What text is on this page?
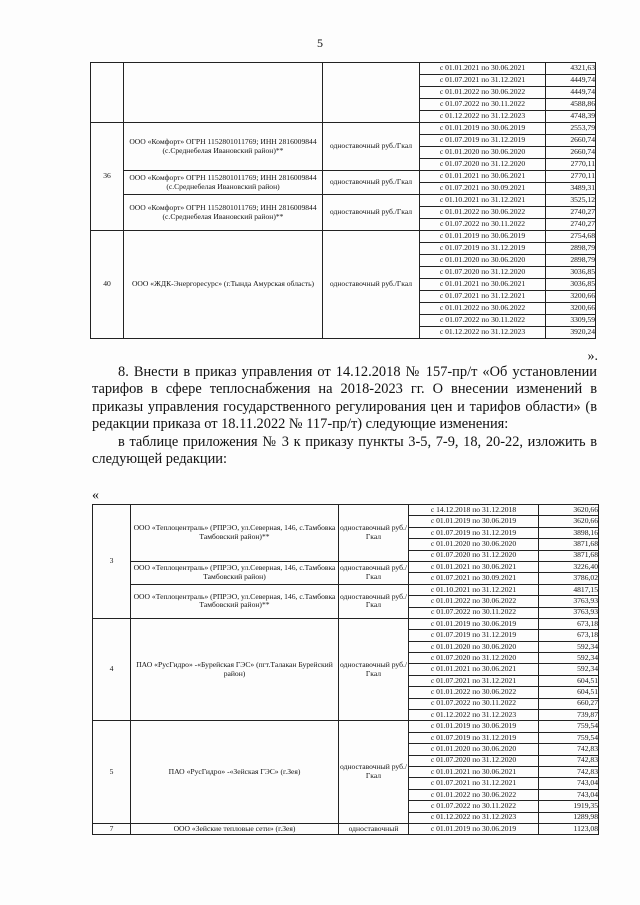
5
			с 01.01.2021 по 30.06.2021	4321,63
			с 01.07.2021 по 31.12.2021	4449,74
			с 01.01.2022 по 30.06.2022	4449,74
			с 01.07.2022 по 30.11.2022	4588,86
			с 01.12.2022 по 31.12.2023	4748,39
36	ООО «Комфорт» ОГРН 1152801011769; ИНН 2816009844 (с.Среднебелая Ивановский район)**	одноставочный руб./Гкал	с 01.01.2019 по 30.06.2019	2553,79
			с 01.07.2019 по 31.12.2019	2660,74
			с 01.01.2020 по 30.06.2020	2660,74
			с 01.07.2020 по 31.12.2020	2770,11
	ООО «Комфорт» ОГРН 1152801011769; ИНН 2816009844 (с.Среднебелая Ивановский район)	одноставочный руб./Гкал	с 01.01.2021 по 30.06.2021	2770,11
			с 01.07.2021 по 30.09.2021	3489,31
	ООО «Комфорт» ОГРН 1152801011769; ИНН 2816009844 (с.Среднебелая Ивановский район)**	одноставочный руб./Гкал	с 01.10.2021 по 31.12.2021	3525,12
			с 01.01.2022 по 30.06.2022	2740,27
			с 01.07.2022 по 30.11.2022	2740,27
40	ООО «ЖДК-Энергоресурс» (г.Тында Амурская область)	одноставочный руб./Гкал	с 01.01.2019 по 30.06.2019	2754,68
			с 01.07.2019 по 31.12.2019	2898,79
			с 01.01.2020 по 30.06.2020	2898,79
			с 01.07.2020 по 31.12.2020	3036,85
			с 01.01.2021 по 30.06.2021	3036,85
			с 01.07.2021 по 31.12.2021	3200,66
			с 01.01.2022 по 30.06.2022	3200,66
			с 01.07.2022 по 30.11.2022	3309,59
			с 01.12.2022 по 31.12.2023	3920,24
».

8. Внести в приказ управления от 14.12.2018 № 157-пр/т «Об установлении тарифов в сфере теплоснабжения на 2018-2023 гг. О внесении изменений в приказы управления государственного регулирования цен и тарифов области» (в редакции приказа от 18.11.2022 № 117-пр/т) следующие изменения:

в таблице приложения № 3 к приказу пункты 3-5, 7-9, 18, 20-22, изложить в следующей редакции:

«
3	ООО «Теплоцентраль» (РПРЭО, ул.Северная, 146, с.Тамбовка Тамбовский район)**	одноставочный руб./Гкал	с 14.12.2018 по 31.12.2018	3620,66
			с 01.01.2019 по 30.06.2019	3620,66
			с 01.07.2019 по 31.12.2019	3898,16
			с 01.01.2020 по 30.06.2020	3871,68
			с 01.07.2020 по 31.12.2020	3871,68
	ООО «Теплоцентраль» (РПРЭО, ул.Северная, 146, с.Тамбовка Тамбовский район)	одноставочный руб./Гкал	с 01.01.2021 по 30.06.2021	3226,40
			с 01.07.2021 по 30.09.2021	3786,02
	ООО «Теплоцентраль» (РПРЭО, ул.Северная, 146, с.Тамбовка Тамбовский район)**	одноставочный руб./Гкал	с 01.10.2021 по 31.12.2021	4817,15
			с 01.01.2022 по 30.06.2022	3763,93
			с 01.07.2022 по 30.11.2022	3763,93
4	ПАО «РусГидро» -«Бурейская ГЭС» (пгт.Талакан Бурейский район)	одноставочный руб./Гкал	с 01.01.2019 по 30.06.2019	673,18
			с 01.07.2019 по 31.12.2019	673,18
			с 01.01.2020 по 30.06.2020	592,34
			с 01.07.2020 по 31.12.2020	592,34
			с 01.01.2021 по 30.06.2021	592,34
			с 01.07.2021 по 31.12.2021	604,51
			с 01.01.2022 по 30.06.2022	604,51
			с 01.07.2022 по 30.11.2022	660,27
			с 01.12.2022 по 31.12.2023	739,87
5	ПАО «РусГидро» -«Зейская ГЭС» (г.Зея)	одноставочный руб./Гкал	с 01.01.2019 по 30.06.2019	759,54
			с 01.07.2019 по 31.12.2019	759,54
			с 01.01.2020 по 30.06.2020	742,83
			с 01.07.2020 по 31.12.2020	742,83
			с 01.01.2021 по 30.06.2021	742,83
			с 01.07.2021 по 31.12.2021	743,04
			с 01.01.2022 по 30.06.2022	743,04
			с 01.07.2022 по 30.11.2022	1919,35
			с 01.12.2022 по 31.12.2023	1289,98
7	ООО «Зейские тепловые сети» (г.Зея)	одноставочный	с 01.01.2019 по 30.06.2019	1123,08
